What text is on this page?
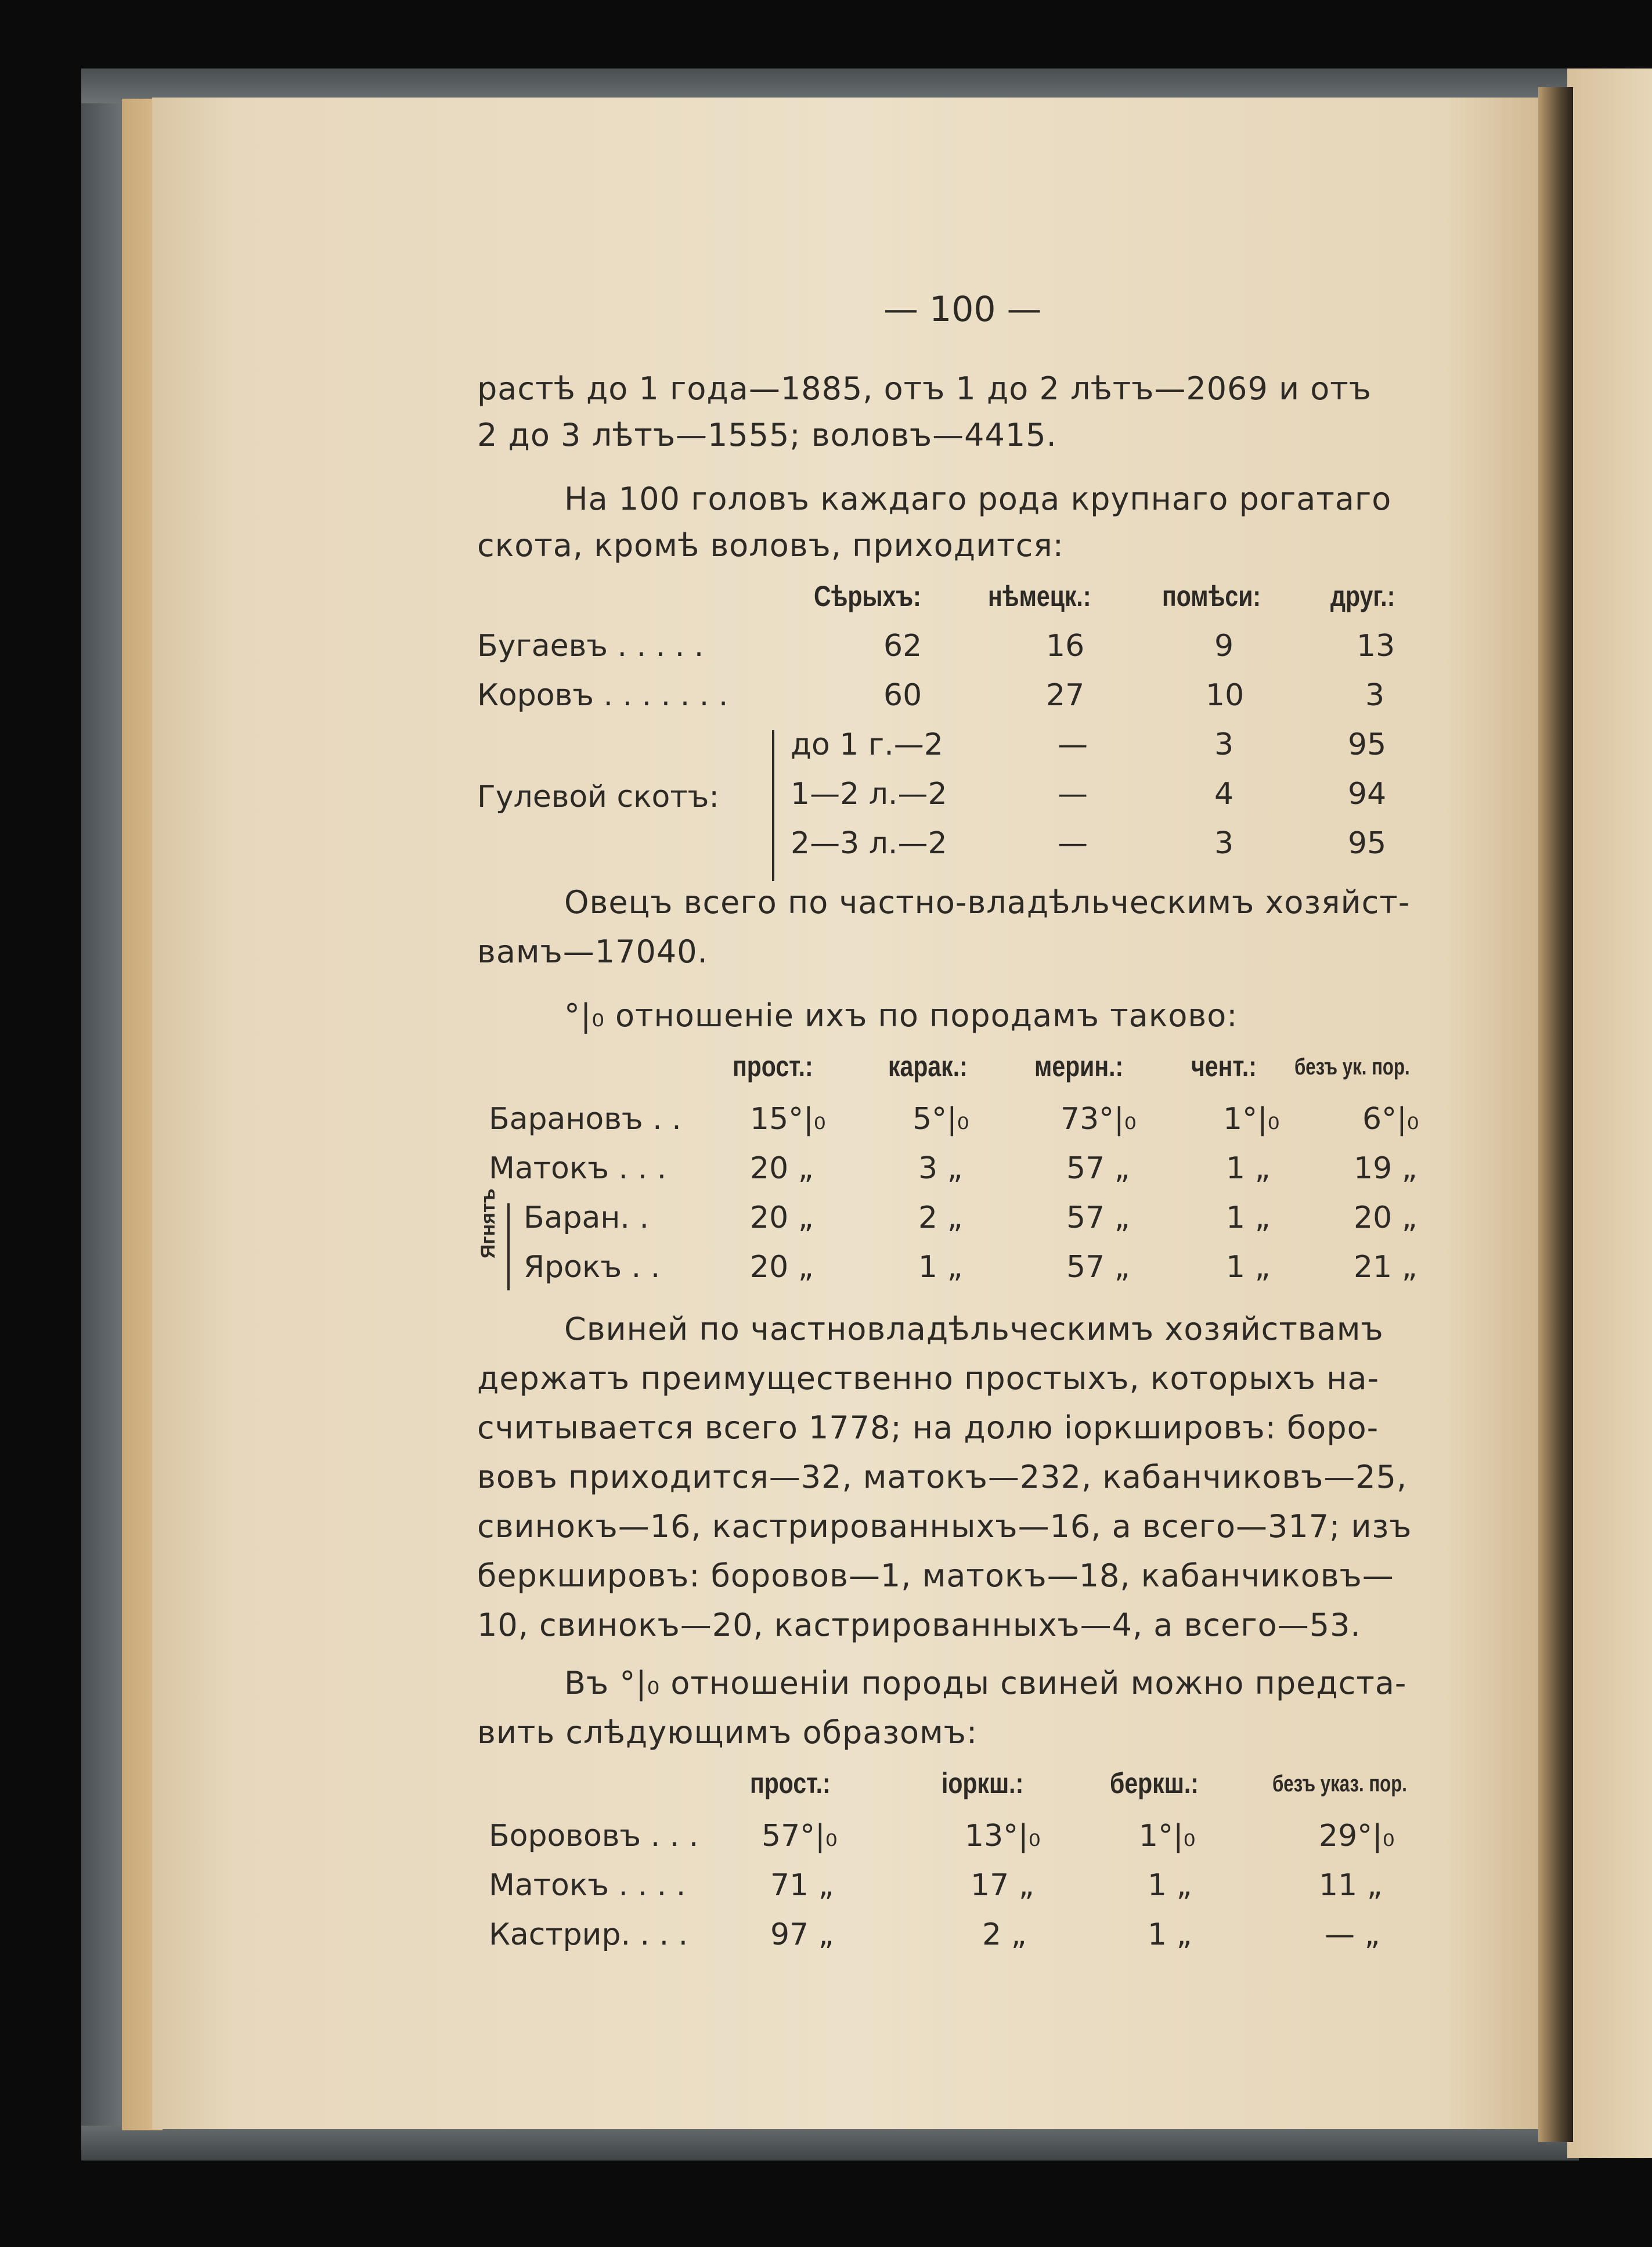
— 100 —
растѣ до 1 года—1885, отъ 1 до 2 лѣтъ—2069 и отъ
2 до 3 лѣтъ—1555; воловъ—4415.
На 100 головъ каждаго рода крупнаго рогатаго
скота, кромѣ воловъ, приходится:
Сѣрыхъ: нѣмецк.: помѣси: друг.:
Бугаевъ . . . . .	62	16	9	13
Коровъ . . . . . . .	60	27	10	3
Гулевой скотъ:
до 1 г.—2	—	3	95
1—2 л.—2	—	4	94
2—3 л.—2	—	3	95
Овецъ всего по частно-владѣльческимъ хозяйст-
вамъ—17040.
°|₀ отношеніе ихъ по породамъ таково:
прост.:	карак.: мерин.: чент.: безъ ук. пор.
Барановъ . . 15°|₀	5°|₀	73°|₀	1°|₀	6°|₀
Матокъ . . .	20 „	3 „	57 „	1 „	19 „
Ягнятъ Баран. .	20 „	2 „	57 „	1 „	20 „
Ярокъ . .	20 „	1 „	57 „	1 „	21 „
Свиней по частновладѣльческимъ хозяйствамъ
держатъ преимущественно простыхъ, которыхъ на-
считывается всего 1778; на долю іоркшировъ: боро-
вовъ приходится—32, матокъ—232, кабанчиковъ—25,
свинокъ—16, кастрированныхъ—16, а всего—317; изъ
беркшировъ: боровов—1, матокъ—18, кабанчиковъ—
10, свинокъ—20, кастрированныхъ—4, а всего—53.
Въ °|₀ отношеніи породы свиней можно предста-
вить слѣдующимъ образомъ:
прост.:	іоркш.:	беркш.:	безъ указ. пор.
Борововъ . . . 57°|₀	13°|₀	1°|₀	29°|₀
Матокъ . . . .	71 „	17 „	1 „	11 „
Кастрир. . . .	97 „	2 „	1 „	— „
